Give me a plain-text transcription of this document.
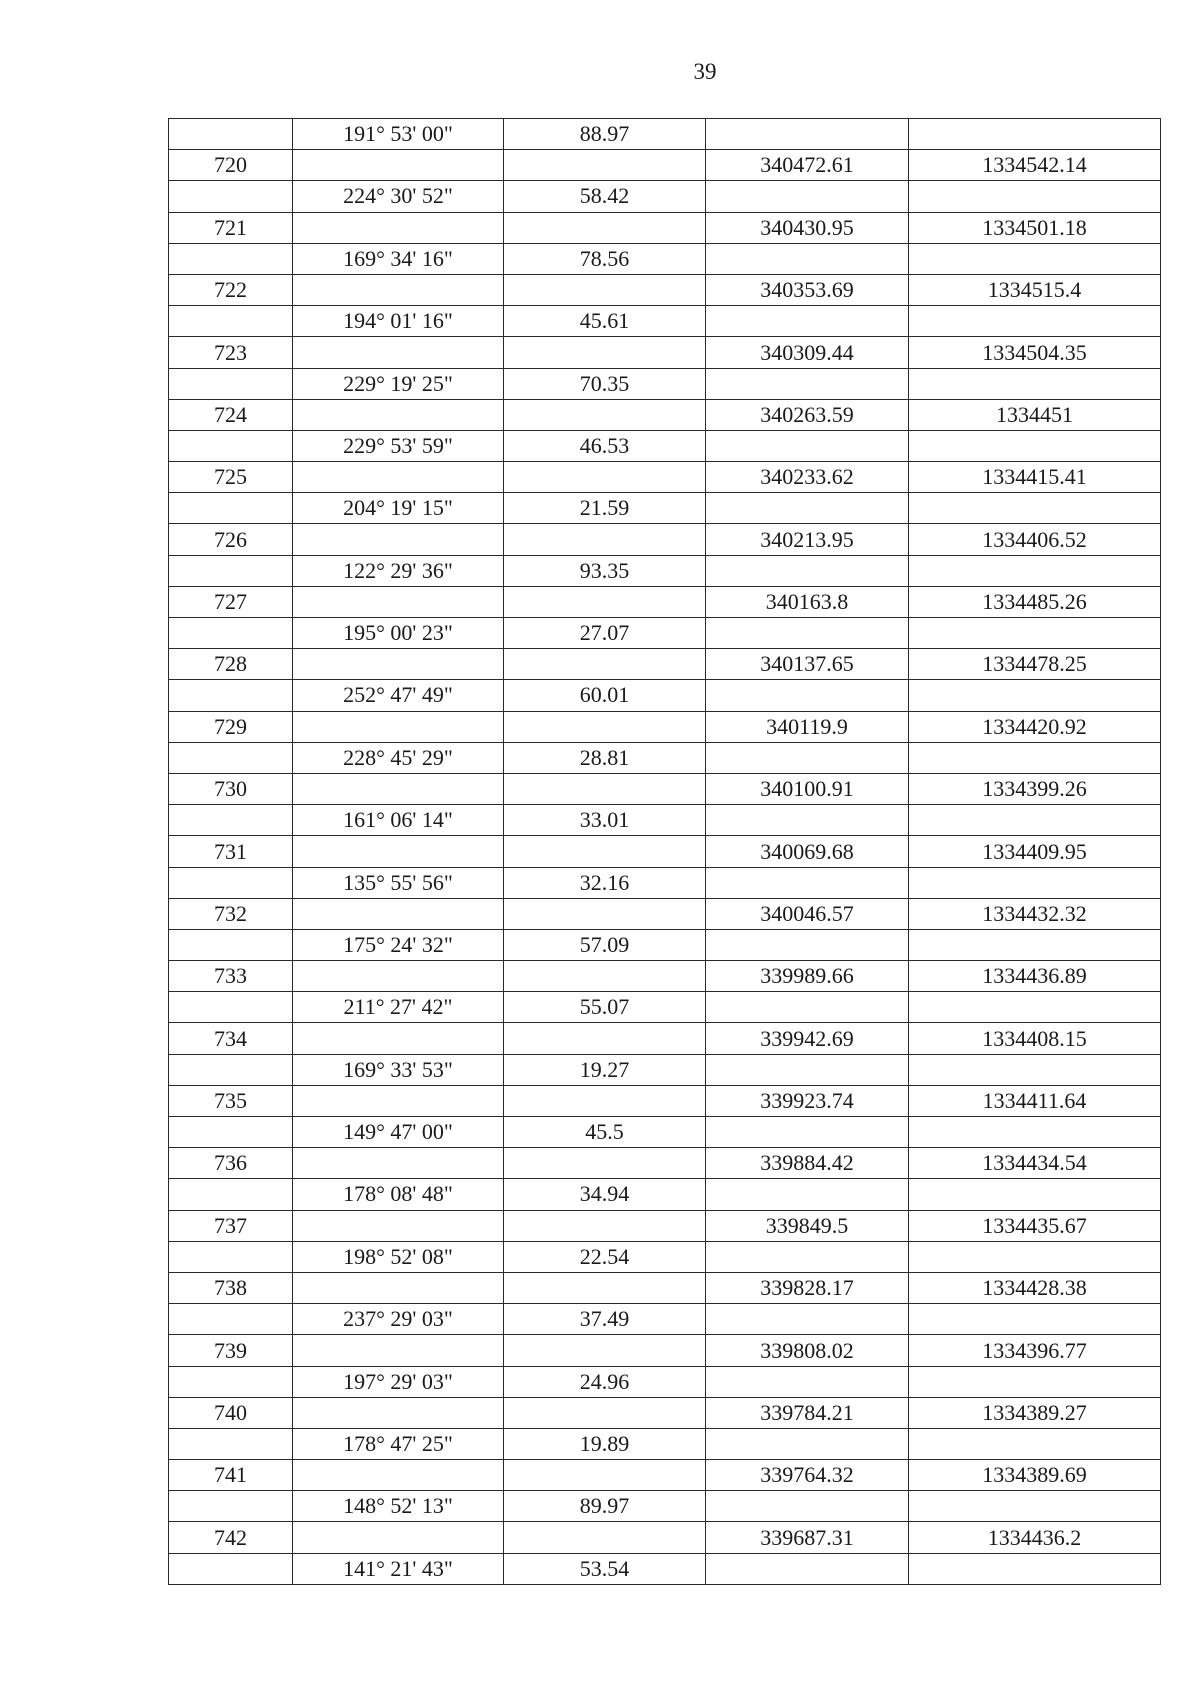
39
	191° 53' 00"	88.97		
720			340472.61	1334542.14
	224° 30' 52"	58.42		
721			340430.95	1334501.18
	169° 34' 16"	78.56		
722			340353.69	1334515.4
	194° 01' 16"	45.61		
723			340309.44	1334504.35
	229° 19' 25"	70.35		
724			340263.59	1334451
	229° 53' 59"	46.53		
725			340233.62	1334415.41
	204° 19' 15"	21.59		
726			340213.95	1334406.52
	122° 29' 36"	93.35		
727			340163.8	1334485.26
	195° 00' 23"	27.07		
728			340137.65	1334478.25
	252° 47' 49"	60.01		
729			340119.9	1334420.92
	228° 45' 29"	28.81		
730			340100.91	1334399.26
	161° 06' 14"	33.01		
731			340069.68	1334409.95
	135° 55' 56"	32.16		
732			340046.57	1334432.32
	175° 24' 32"	57.09		
733			339989.66	1334436.89
	211° 27' 42"	55.07		
734			339942.69	1334408.15
	169° 33' 53"	19.27		
735			339923.74	1334411.64
	149° 47' 00"	45.5		
736			339884.42	1334434.54
	178° 08' 48"	34.94		
737			339849.5	1334435.67
	198° 52' 08"	22.54		
738			339828.17	1334428.38
	237° 29' 03"	37.49		
739			339808.02	1334396.77
	197° 29' 03"	24.96		
740			339784.21	1334389.27
	178° 47' 25"	19.89		
741			339764.32	1334389.69
	148° 52' 13"	89.97		
742			339687.31	1334436.2
	141° 21' 43"	53.54		
